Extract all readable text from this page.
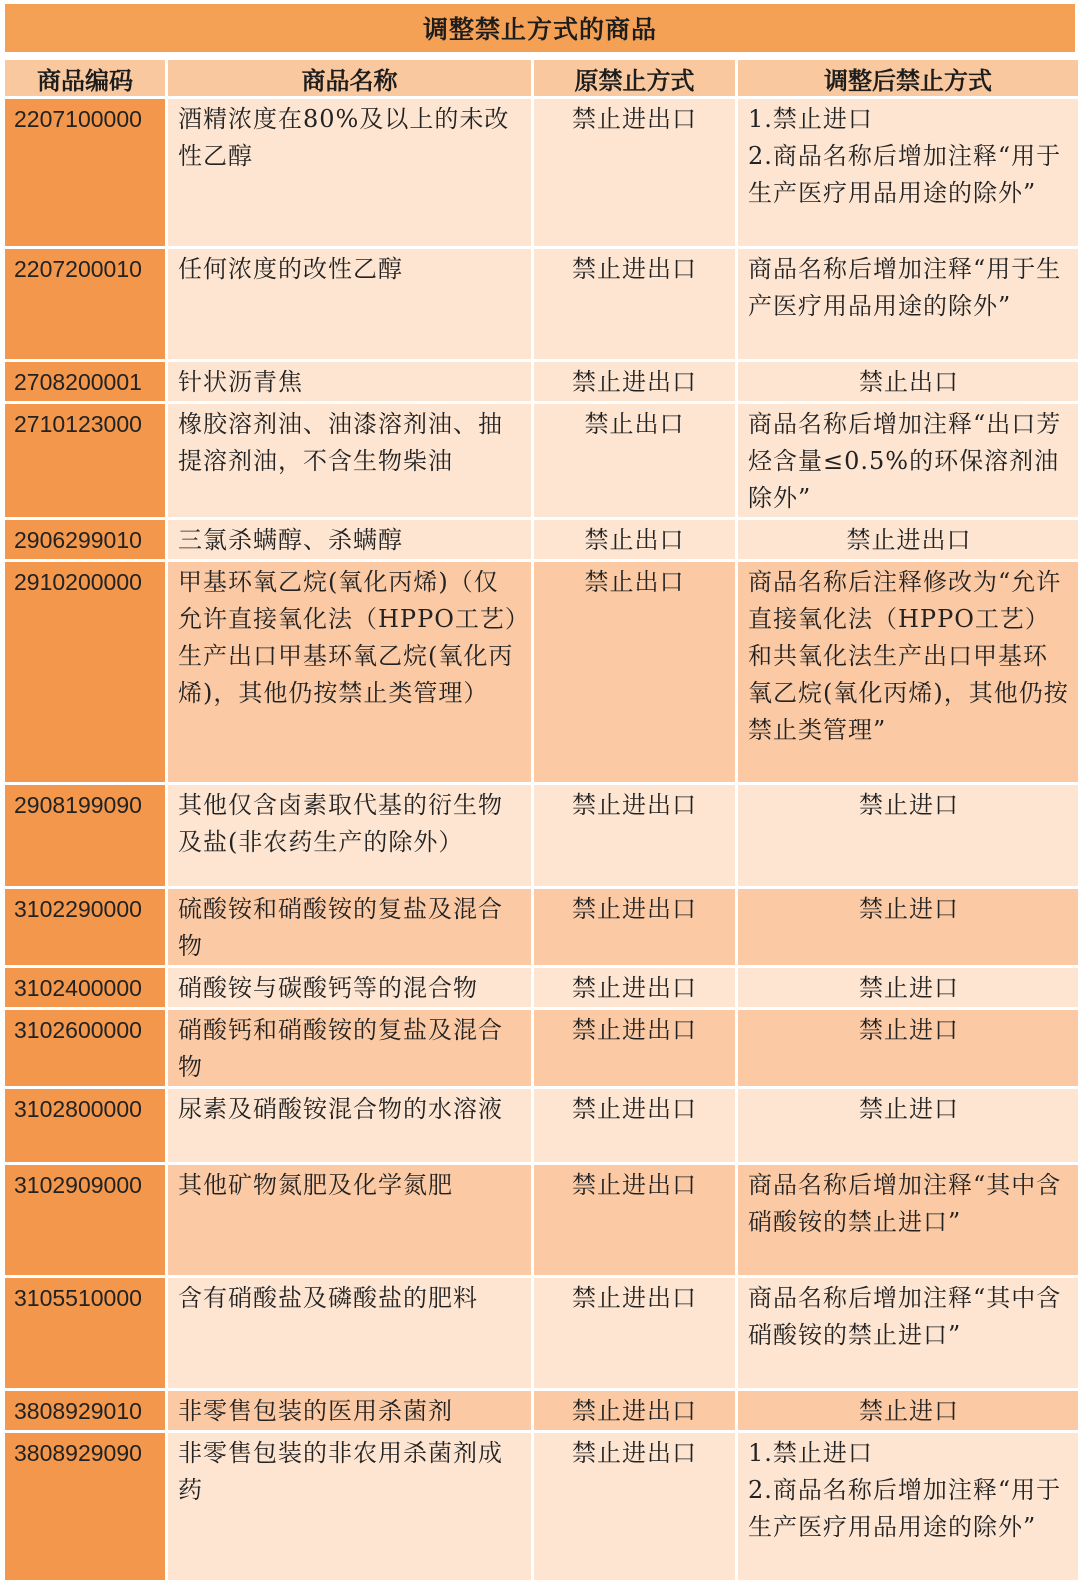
调整禁止方式的商品
商品编码	商品名称	原禁止方式	调整后禁止方式
2207100000	酒精浓度在80%及以上的未改性乙醇	禁止进出口	1.禁止进口
2.商品名称后增加注释“用于生产医疗用品用途的除外”
2207200010	任何浓度的改性乙醇	禁止进出口	商品名称后增加注释“用于生产医疗用品用途的除外”
2708200001	针状沥青焦	禁止进出口	禁止出口
2710123000	橡胶溶剂油、油漆溶剂油、抽提溶剂油，不含生物柴油	禁止出口	商品名称后增加注释“出口芳烃含量≤0.5%的环保溶剂油除外”
2906299010	三氯杀螨醇、杀螨醇	禁止出口	禁止进出口
2910200000	甲基环氧乙烷(氧化丙烯)（仅允许直接氧化法（HPPO工艺）生产出口甲基环氧乙烷(氧化丙烯)，其他仍按禁止类管理）	禁止出口	商品名称后注释修改为“允许直接氧化法（HPPO工艺）和共氧化法生产出口甲基环氧乙烷(氧化丙烯)，其他仍按禁止类管理”
2908199090	其他仅含卤素取代基的衍生物及盐(非农药生产的除外）	禁止进出口	禁止进口
3102290000	硫酸铵和硝酸铵的复盐及混合物	禁止进出口	禁止进口
3102400000	硝酸铵与碳酸钙等的混合物	禁止进出口	禁止进口
3102600000	硝酸钙和硝酸铵的复盐及混合物	禁止进出口	禁止进口
3102800000	尿素及硝酸铵混合物的水溶液	禁止进出口	禁止进口
3102909000	其他矿物氮肥及化学氮肥	禁止进出口	商品名称后增加注释“其中含硝酸铵的禁止进口”
3105510000	含有硝酸盐及磷酸盐的肥料	禁止进出口	商品名称后增加注释“其中含硝酸铵的禁止进口”
3808929010	非零售包装的医用杀菌剂	禁止进出口	禁止进口
3808929090	非零售包装的非农用杀菌剂成药	禁止进出口	1.禁止进口
2.商品名称后增加注释“用于生产医疗用品用途的除外”
